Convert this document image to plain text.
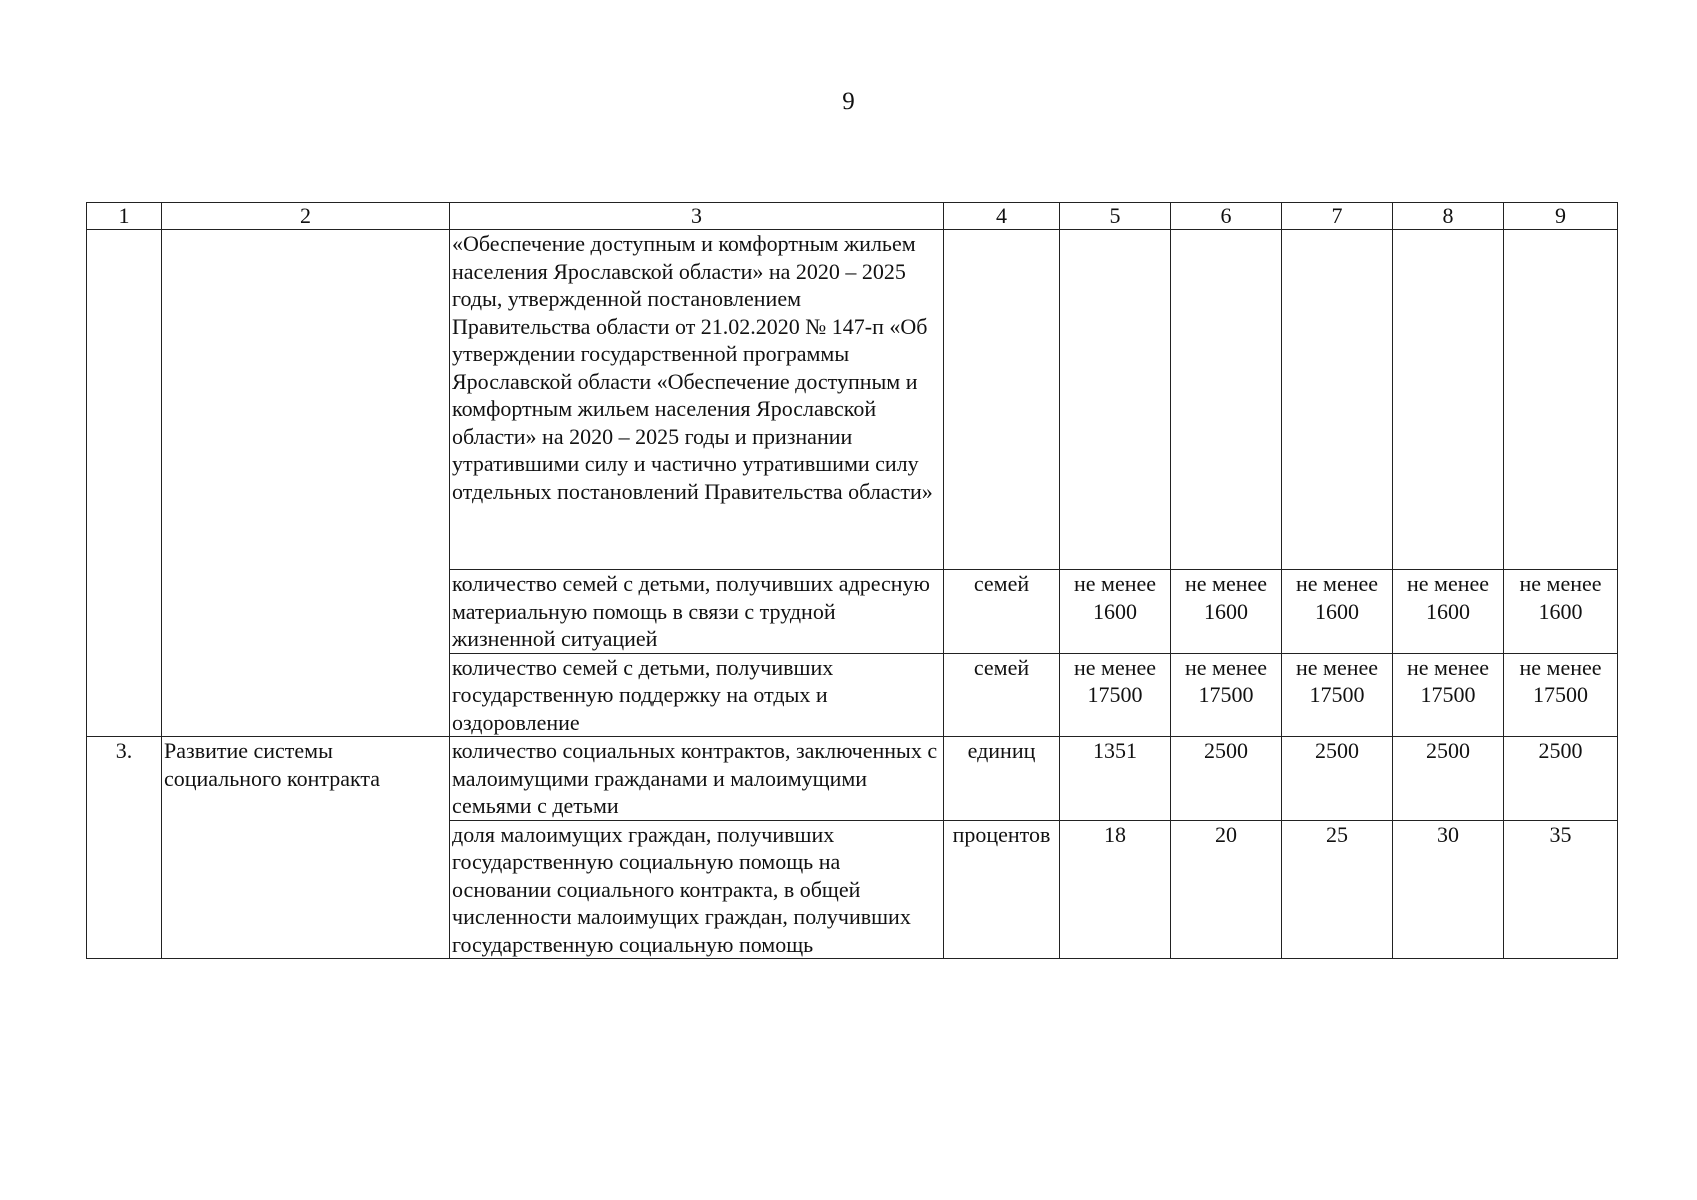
9
1	2	3	4	5	6	7	8	9
		«Обеспечение доступным и комфортным жильем населения Ярославской области» на 2020 – 2025 годы, утвержденной постановлением Правительства области от 21.02.2020 № 147-п «Об утверждении государственной программы Ярославской области «Обеспечение доступным и комфортным жильем населения Ярославской области» на 2020 – 2025 годы и признании утратившими силу и частично утратившими силу отдельных постановлений Правительства области»						
		количество семей с детьми, получивших адресную материальную помощь в связи с трудной жизненной ситуацией	семей	не менее 1600	не менее 1600	не менее 1600	не менее 1600	не менее 1600
		количество семей с детьми, получивших государственную поддержку на отдых и оздоровление	семей	не менее 17500	не менее 17500	не менее 17500	не менее 17500	не менее 17500
3.	Развитие системы социального контракта	количество социальных контрактов, заключенных с малоимущими гражданами и малоимущими семьями с детьми	единиц	1351	2500	2500	2500	2500
		доля малоимущих граждан, получивших государственную социальную помощь на основании социального контракта, в общей численности малоимущих граждан, получивших государственную социальную помощь	процентов	18	20	25	30	35
